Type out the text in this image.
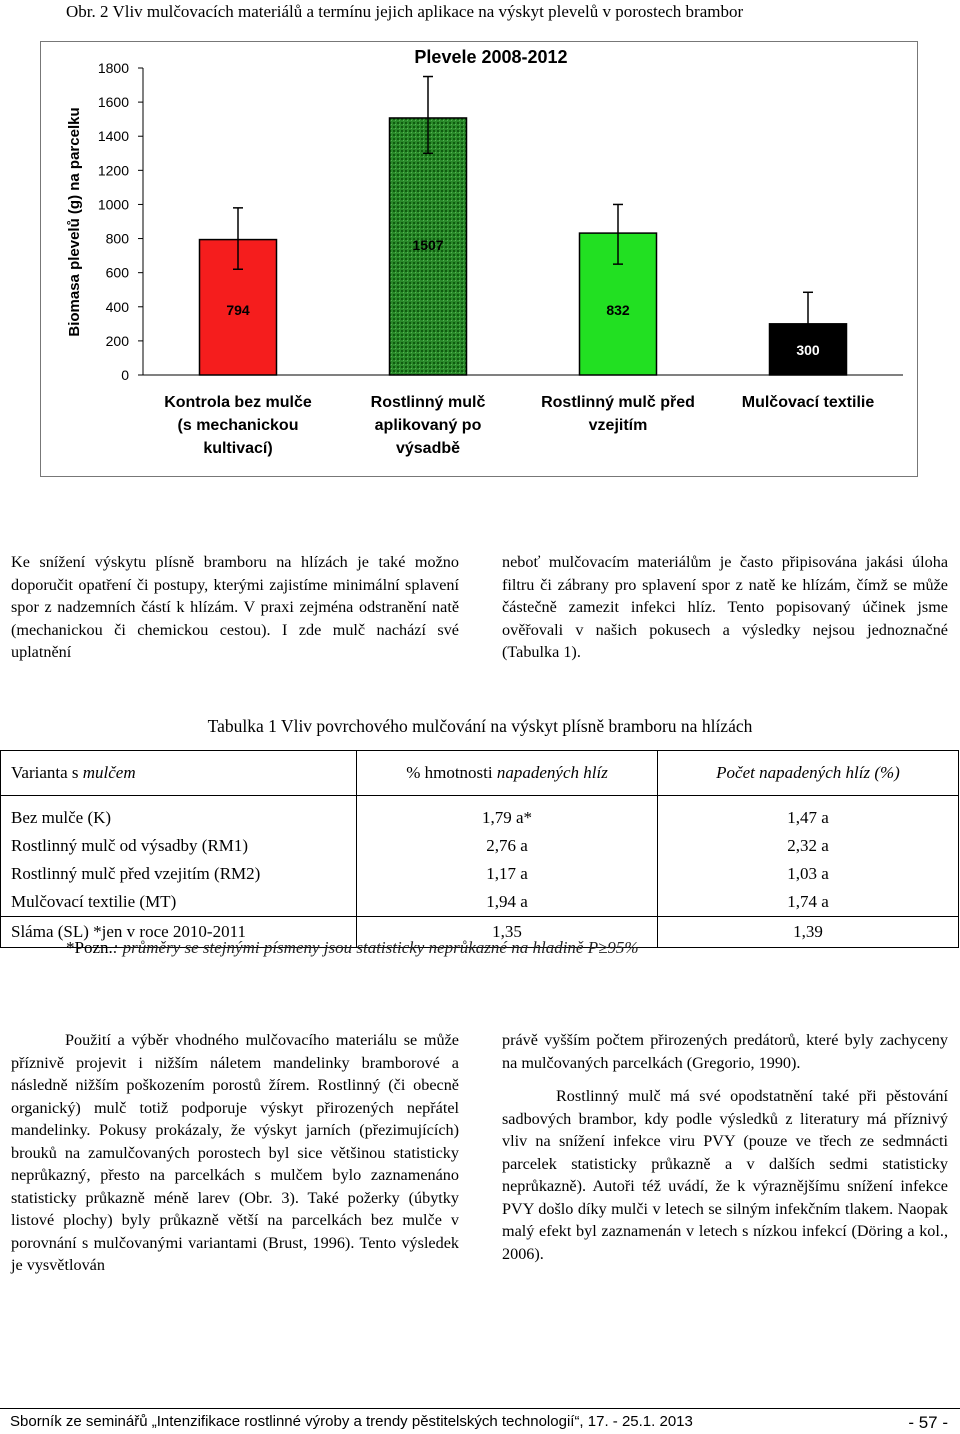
Obr. 2 Vliv mulčovacích materiálů a termínu jejich aplikace na výskyt plevelů v porostech brambor
Plevele 2008-2012
Biomasa plevelů (g) na parcelku
0
200
400
600
800
1000
1200
1400
1600
1800
794
Kontrola bez mulče
(s mechanickou
kultivací)
1507
Rostlinný mulč
aplikovaný po
výsadbě
832
Rostlinný mulč před
vzejitím
300
Mulčovací textilie

Ke snížení výskytu plísně bramboru na hlízách je také možno doporučit opatření či postupy, kterými zajistíme minimální splavení spor z nadzemních částí k hlízám. V praxi zejména odstranění natě (mechanickou či chemickou cestou). I zde mulč nachází své uplatnění

neboť mulčovacím materiálům je často připisována jakási úloha filtru či zábrany pro splavení spor z natě ke hlízám, čímž se může částečně zamezit infekci hlíz. Tento popisovaný účinek jsme ověřovali v našich pokusech a výsledky nejsou jednoznačné (Tabulka 1).

Tabulka 1 Vliv povrchového mulčování na výskyt plísně bramboru na hlízách
Varianta s mulčem	% hmotnosti napadených hlíz	Počet napadených hlíz (%)

Bez mulče (K)	1,79 a*	1,47 a
Rostlinný mulč od výsadby (RM1)	2,76 a	2,32 a
Rostlinný mulč před vzejitím (RM2)	1,17 a	1,03 a
Mulčovací textilie (MT)	1,94 a	1,74 a
Sláma (SL) *jen v roce 2010-2011	1,35	1,39
*Pozn.: průměry se stejnými písmeny jsou statisticky neprůkazné na hladině P≥95%

Použití a výběr vhodného mulčovacího materiálu se může příznivě projevit i nižším náletem mandelinky bramborové a následně nižším poškozením porostů žírem. Rostlinný (či obecně organický) mulč totiž podporuje výskyt přirozených nepřátel mandelinky. Pokusy prokázaly, že výskyt jarních (přezimujících) brouků na zamulčovaných porostech byl sice většinou statisticky neprůkazný, přesto na parcelkách s mulčem bylo zaznamenáno statisticky průkazně méně larev (Obr. 3). Také požerky (úbytky listové plochy) byly průkazně větší na parcelkách bez mulče v porovnání s mulčovanými variantami (Brust, 1996). Tento výsledek je vysvětlován

právě vyšším počtem přirozených predátorů, které byly zachyceny na mulčovaných parcelkách (Gregorio, 1990).

Rostlinný mulč má své opodstatnění také při pěstování sadbových brambor, kdy podle výsledků z literatury má příznivý vliv na snížení infekce viru PVY (pouze ve třech ze sedmnácti parcelek statisticky průkazně a v dalších sedmi statisticky neprůkazně). Autoři též uvádí, že k výraznějšímu snížení infekce PVY došlo díky mulči v letech se silným infekčním tlakem. Naopak malý efekt byl zaznamenán v letech s nízkou infekcí (Döring a kol., 2006).

Sborník ze seminářů „Intenzifikace rostlinné výroby a trendy pěstitelských technologií“, 17. - 25.1. 2013	- 57 -
